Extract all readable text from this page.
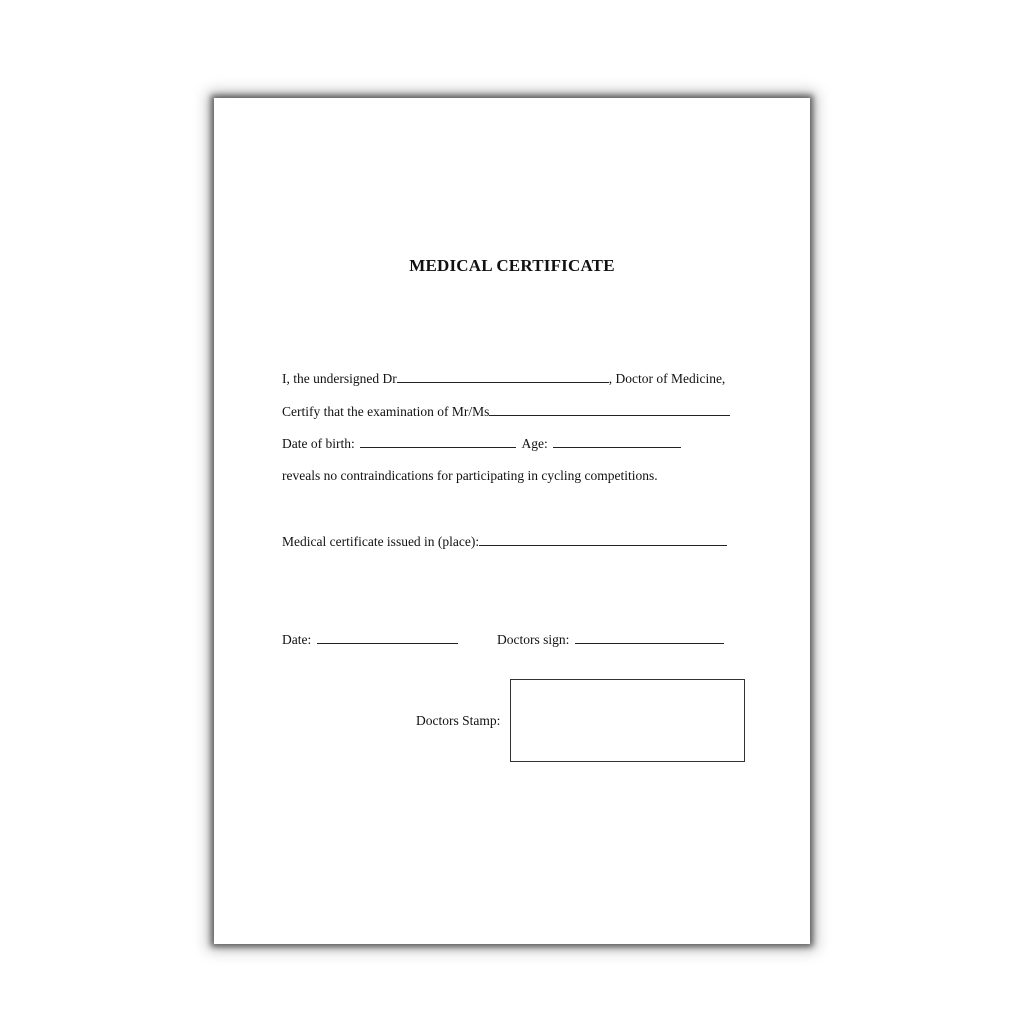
MEDICAL CERTIFICATE
I, the undersigned Dr	, Doctor of Medicine,
Certify that the examination of Mr/Ms
Date of birth:	Age:
reveals no contraindications for participating in cycling competitions.
Medical certificate issued in (place):
Date:	Doctors sign:
Doctors Stamp:
